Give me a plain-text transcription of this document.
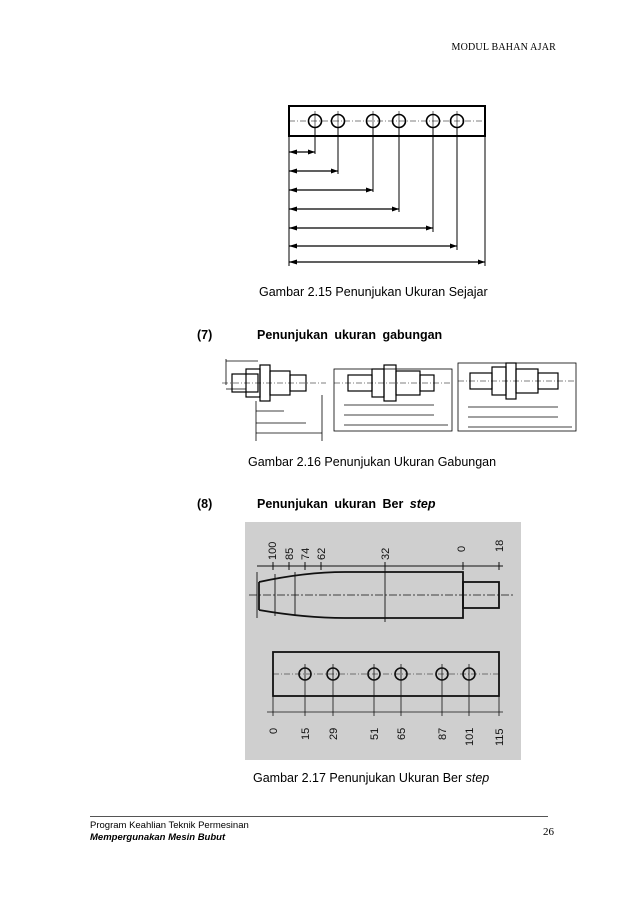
MODUL BAHAN AJAR
Gambar 2.15 Penunjukan Ukuran Sejajar
(7)	Penunjukan ukuran gabungan
Gambar 2.16 Penunjukan Ukuran Gabungan
(8)	Penunjukan ukuran Ber step
100 85 74 62	32	0 18
0 15 29	51 65	87 101 115
Gambar 2.17 Penunjukan Ukuran Ber step
Program Keahlian Teknik Permesinan
Mempergunakan Mesin Bubut	26
